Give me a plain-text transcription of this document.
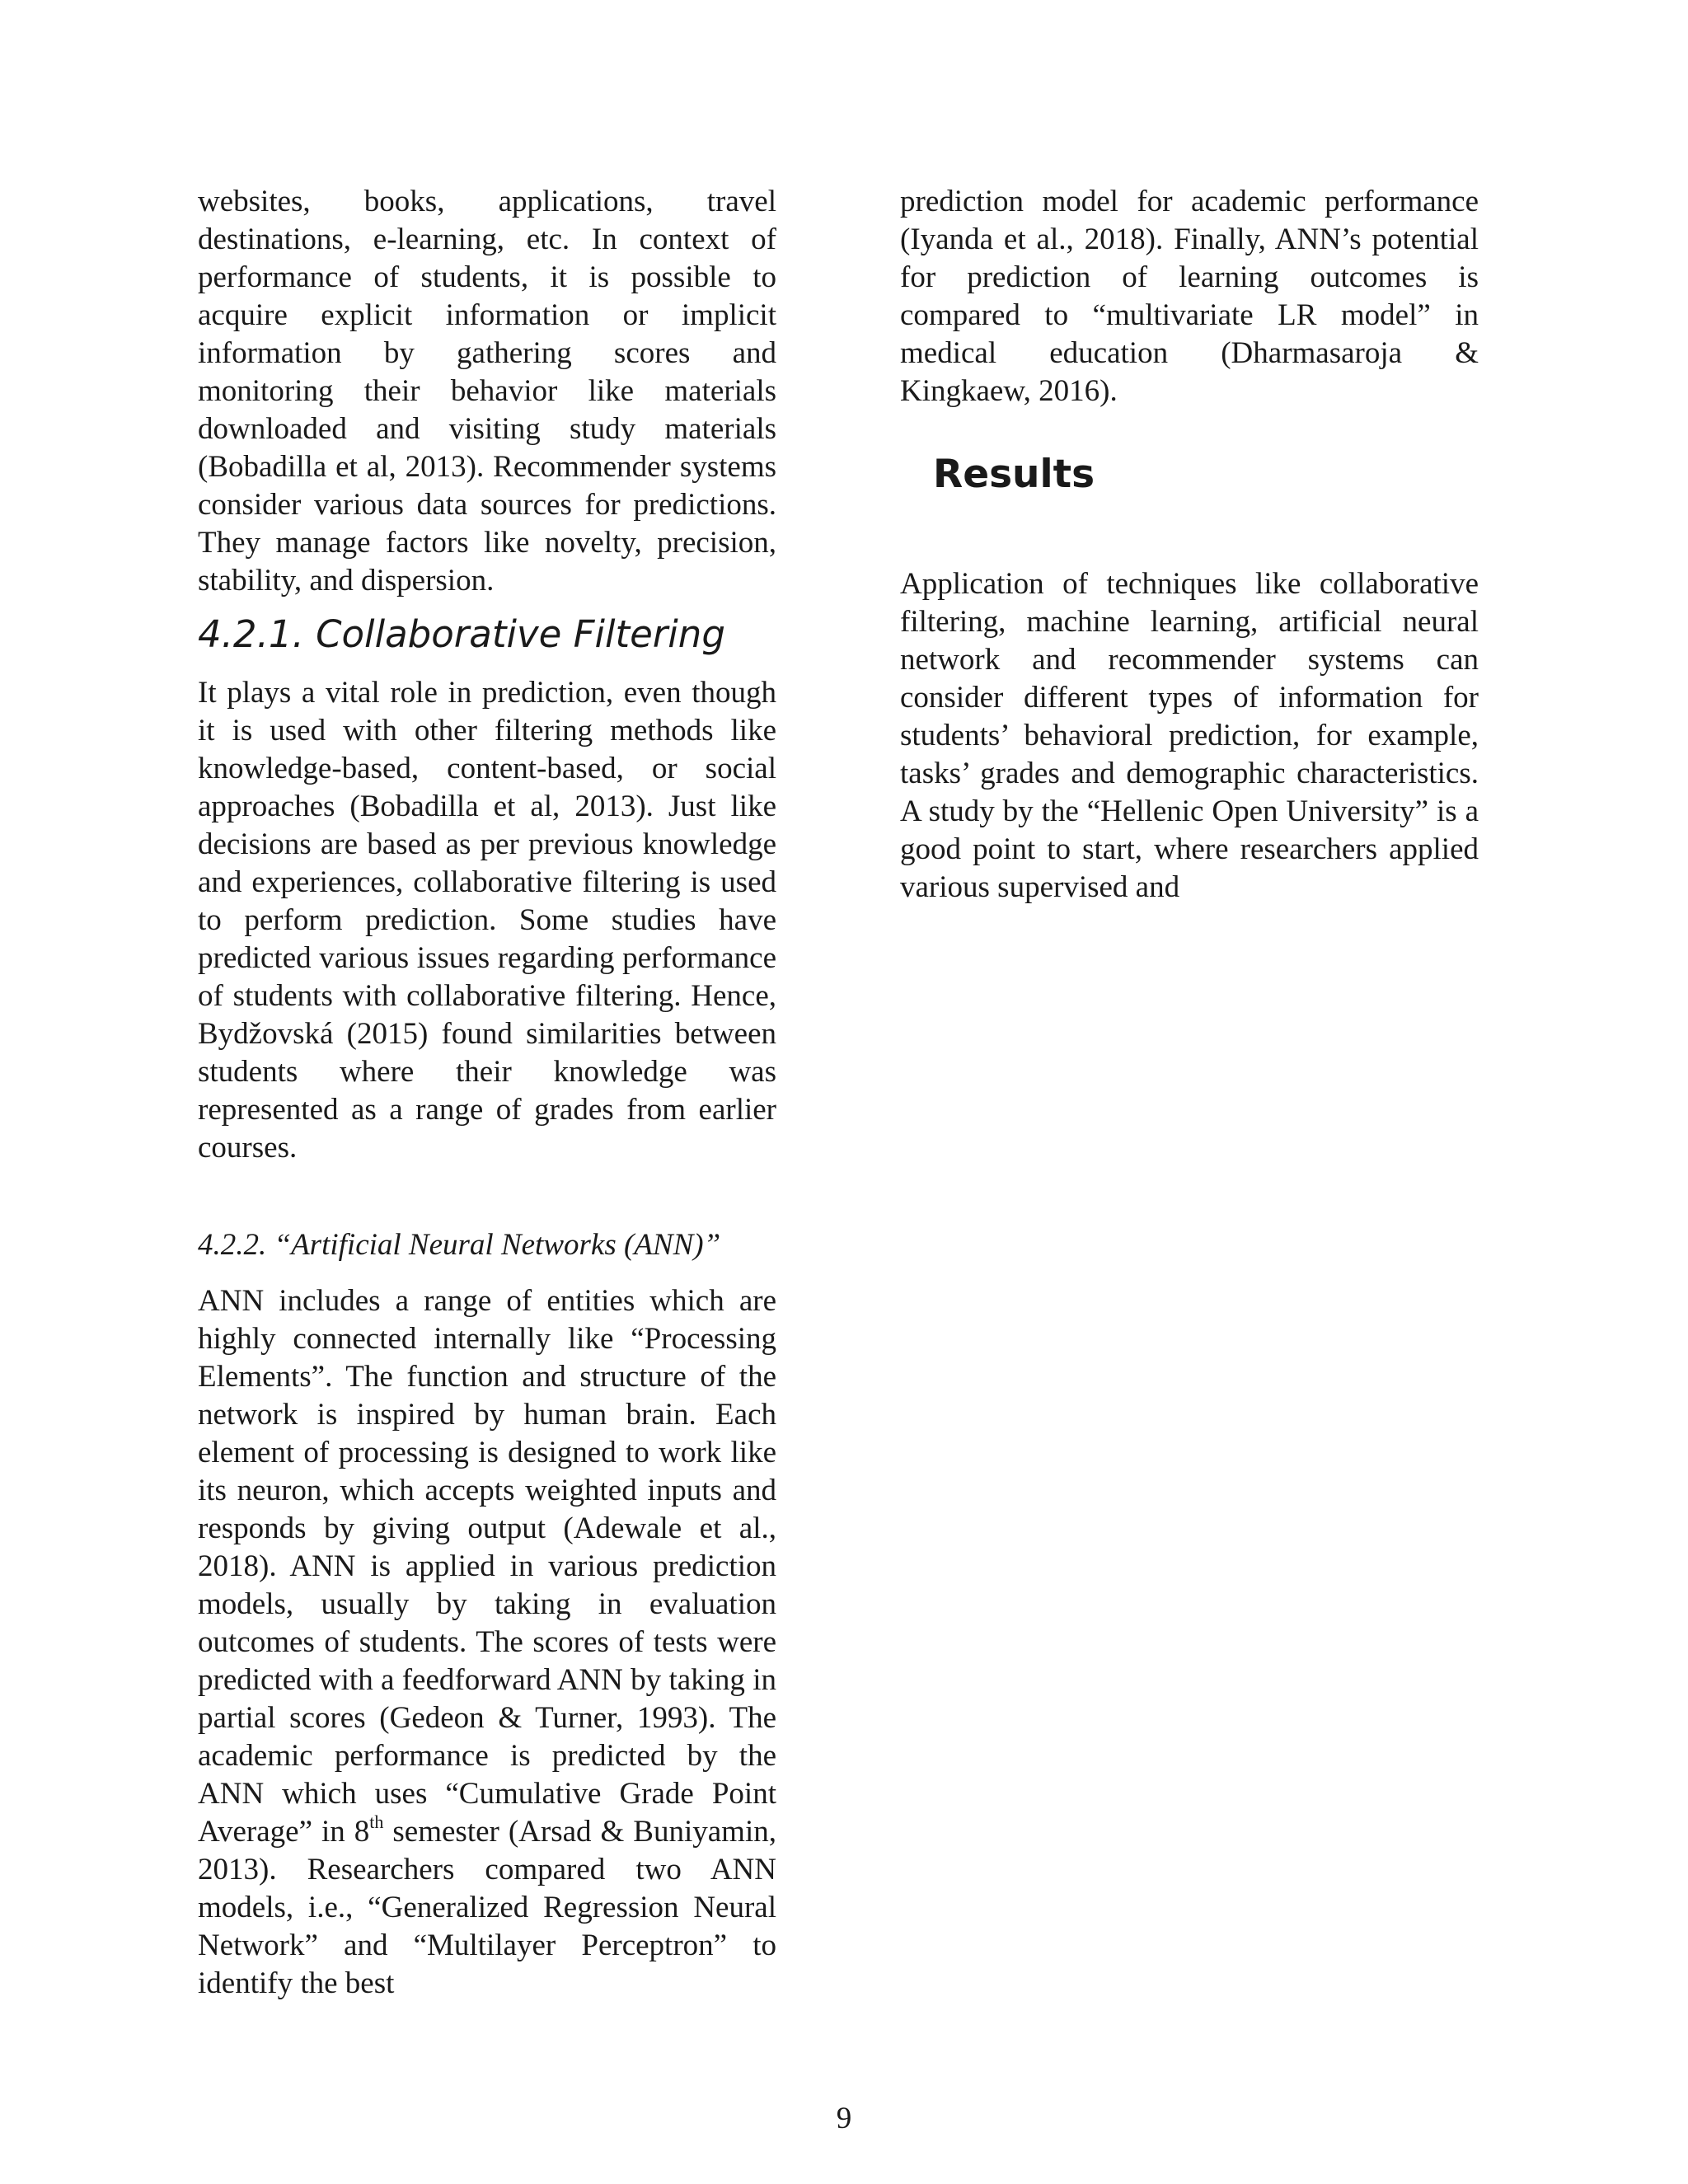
websites, books, applications, travel destinations, e-learning, etc. In context of performance of students, it is possible to acquire explicit information or implicit information by gathering scores and monitoring their behavior like materials downloaded and visiting study materials (Bobadilla et al, 2013). Recommender systems consider various data sources for predictions. They manage factors like novelty, precision, stability, and dispersion.

4.2.1. Collaborative Filtering

It plays a vital role in prediction, even though it is used with other filtering methods like knowledge-based, content-based, or social approaches (Bobadilla et al, 2013). Just like decisions are based as per previous knowledge and experiences, collaborative filtering is used to perform prediction. Some studies have predicted various issues regarding performance of students with collaborative filtering. Hence, Bydžovská (2015) found similarities between students where their knowledge was represented as a range of grades from earlier courses.

4.2.2. “Artificial Neural Networks (ANN)”

ANN includes a range of entities which are highly connected internally like “Processing Elements”. The function and structure of the network is inspired by human brain. Each element of processing is designed to work like its neuron, which accepts weighted inputs and responds by giving output (Adewale et al., 2018). ANN is applied in various prediction models, usually by taking in evaluation outcomes of students. The scores of tests were predicted with a feedforward ANN by taking in partial scores (Gedeon & Turner, 1993). The academic performance is predicted by the ANN which uses “Cumulative Grade Point Average” in 8th semester (Arsad & Buniyamin, 2013). Researchers compared two ANN models, i.e., “Generalized Regression Neural Network” and “Multilayer Perceptron” to identify the best

prediction model for academic performance (Iyanda et al., 2018). Finally, ANN’s potential for prediction of learning outcomes is compared to “multivariate LR model” in medical education (Dharmasaroja & Kingkaew, 2016).

Results

Application of techniques like collaborative filtering, machine learning, artificial neural network and recommender systems can consider different types of information for students’ behavioral prediction, for example, tasks’ grades and demographic characteristics. A study by the “Hellenic Open University” is a good point to start, where researchers applied various supervised and

9
